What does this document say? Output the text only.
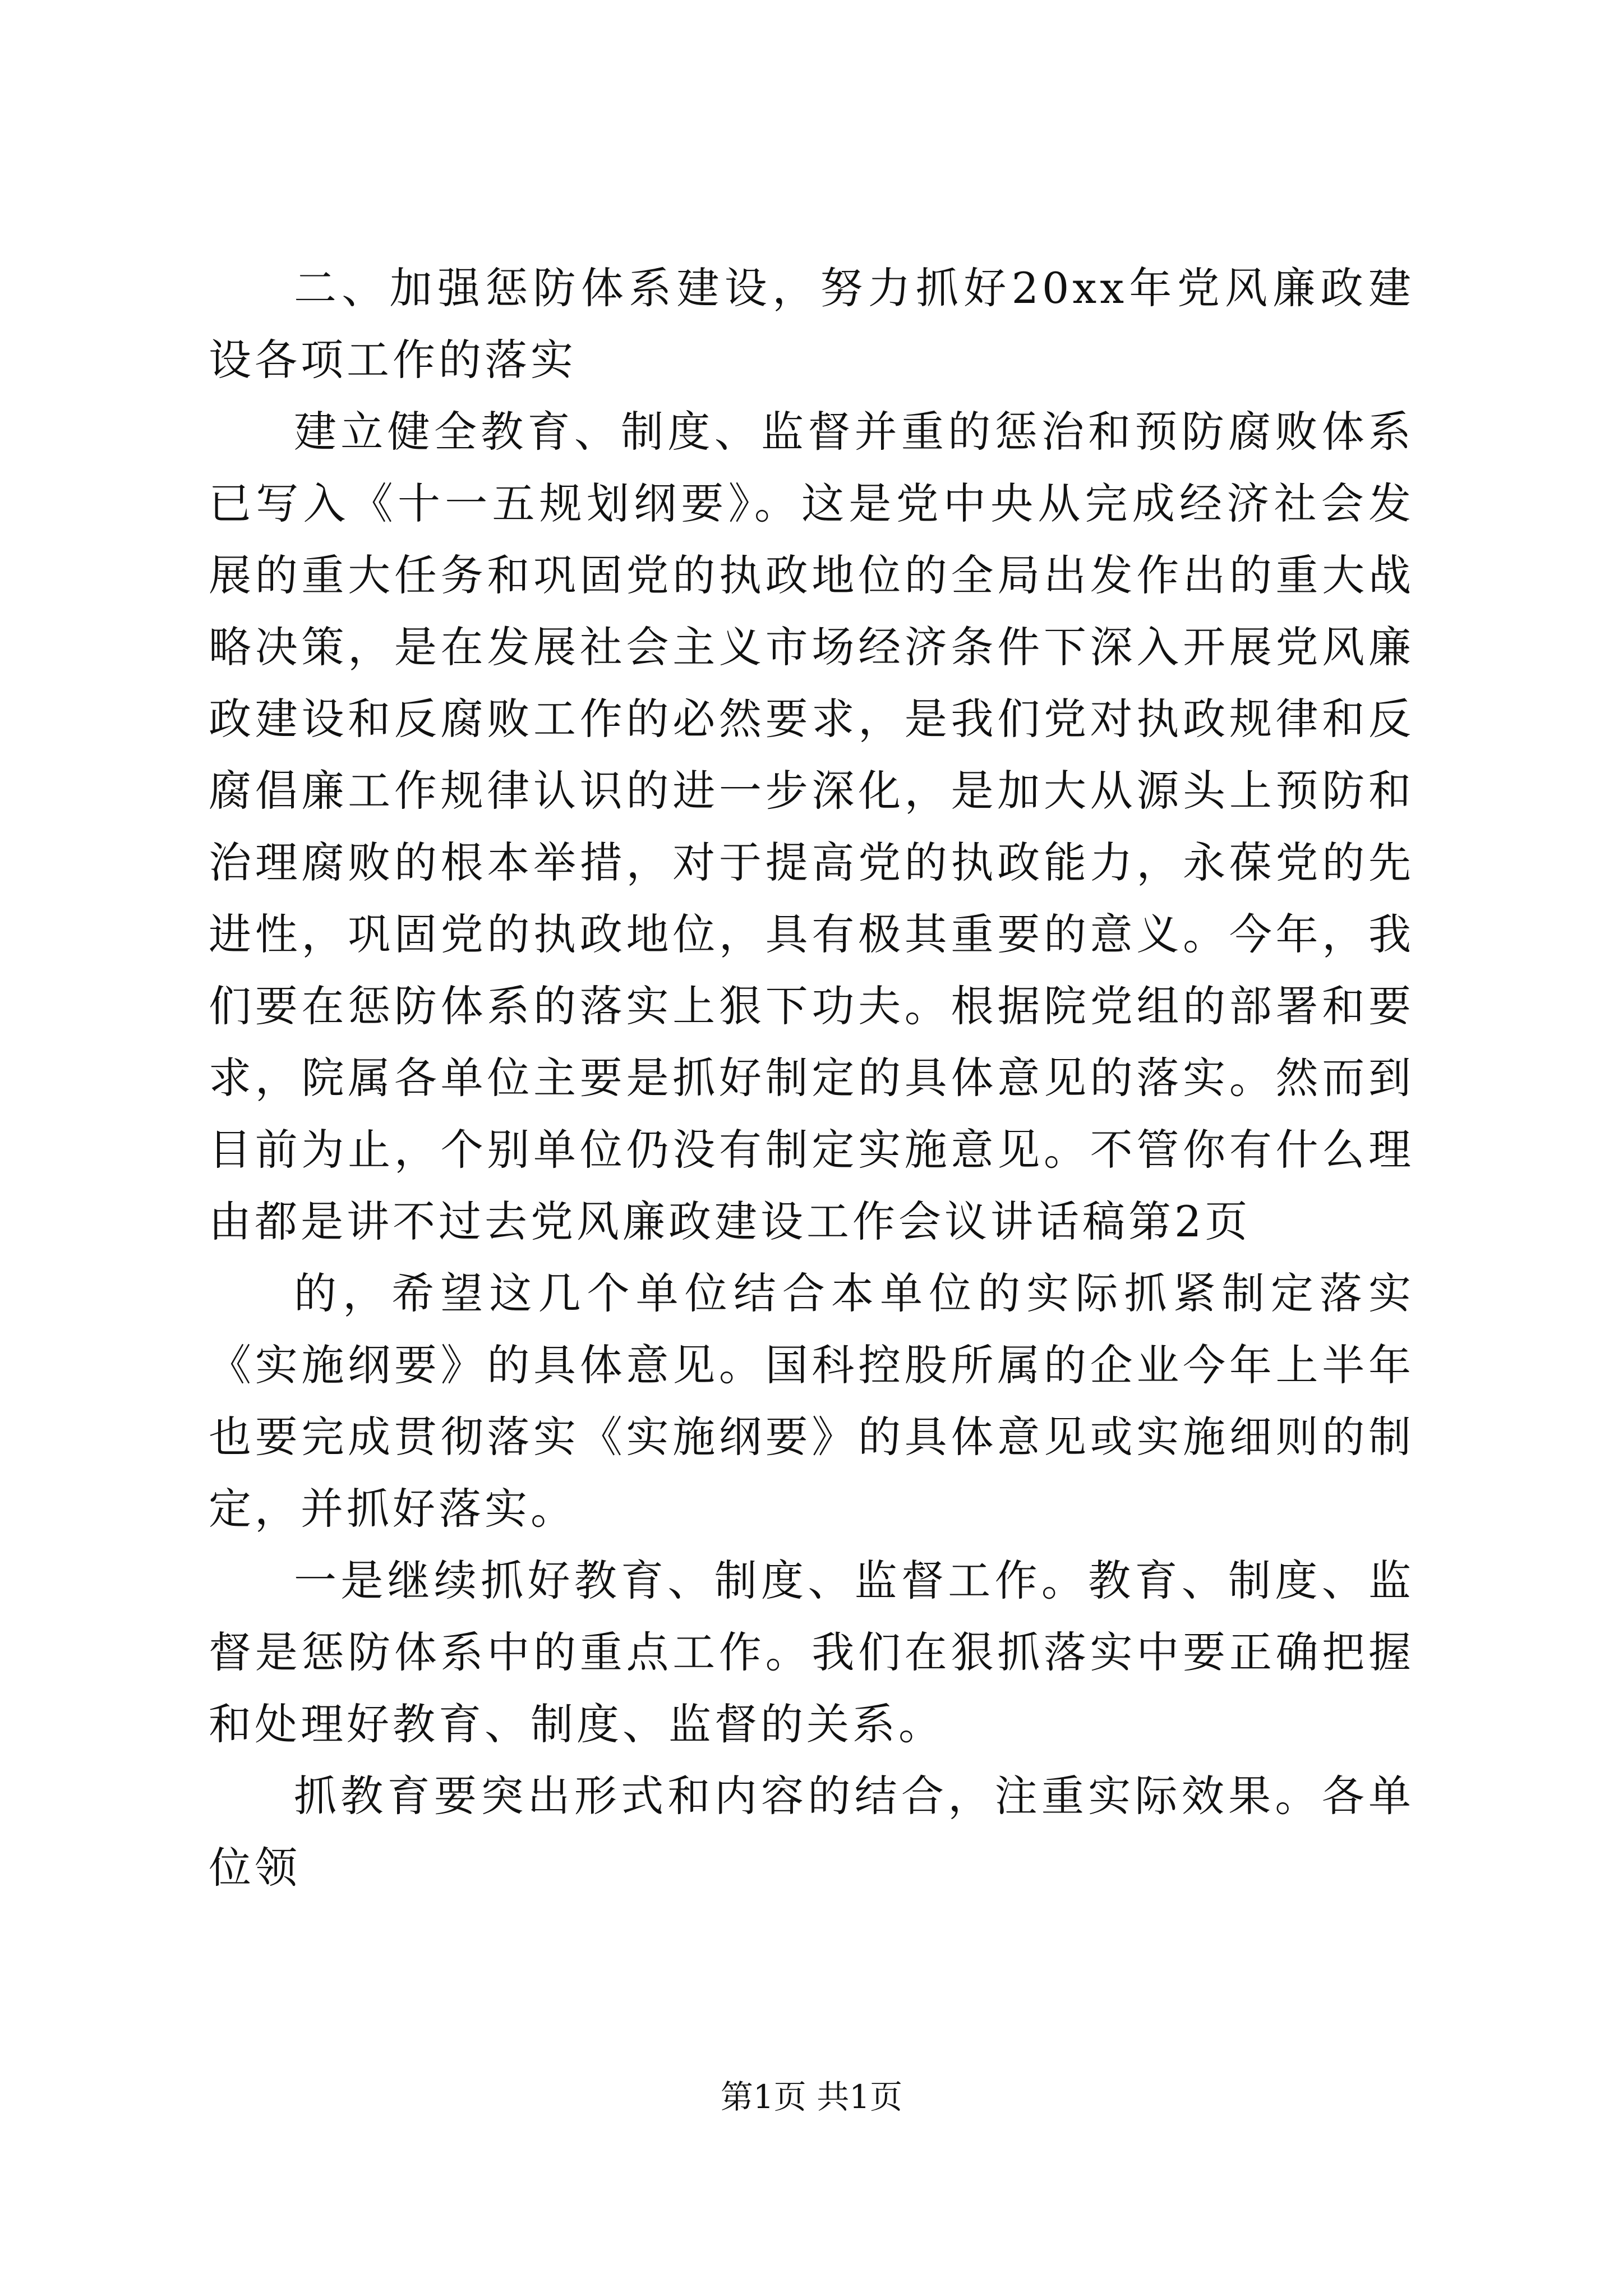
二、加强惩防体系建设，努力抓好20xx年党风廉政建设各项工作的落实

建立健全教育、制度、监督并重的惩治和预防腐败体系已写入《十一五规划纲要》。这是党中央从完成经济社会发展的重大任务和巩固党的执政地位的全局出发作出的重大战略决策，是在发展社会主义市场经济条件下深入开展党风廉政建设和反腐败工作的必然要求，是我们党对执政规律和反腐倡廉工作规律认识的进一步深化，是加大从源头上预防和治理腐败的根本举措，对于提高党的执政能力，永葆党的先进性，巩固党的执政地位，具有极其重要的意义。今年，我们要在惩防体系的落实上狠下功夫。根据院党组的部署和要求，院属各单位主要是抓好制定的具体意见的落实。然而到目前为止，个别单位仍没有制定实施意见。不管你有什么理由都是讲不过去党风廉政建设工作会议讲话稿第2页

的，希望这几个单位结合本单位的实际抓紧制定落实《实施纲要》的具体意见。国科控股所属的企业今年上半年也要完成贯彻落实《实施纲要》的具体意见或实施细则的制定，并抓好落实。

一是继续抓好教育、制度、监督工作。教育、制度、监督是惩防体系中的重点工作。我们在狠抓落实中要正确把握和处理好教育、制度、监督的关系。

抓教育要突出形式和内容的结合，注重实际效果。各单位领

第1页 共1页
